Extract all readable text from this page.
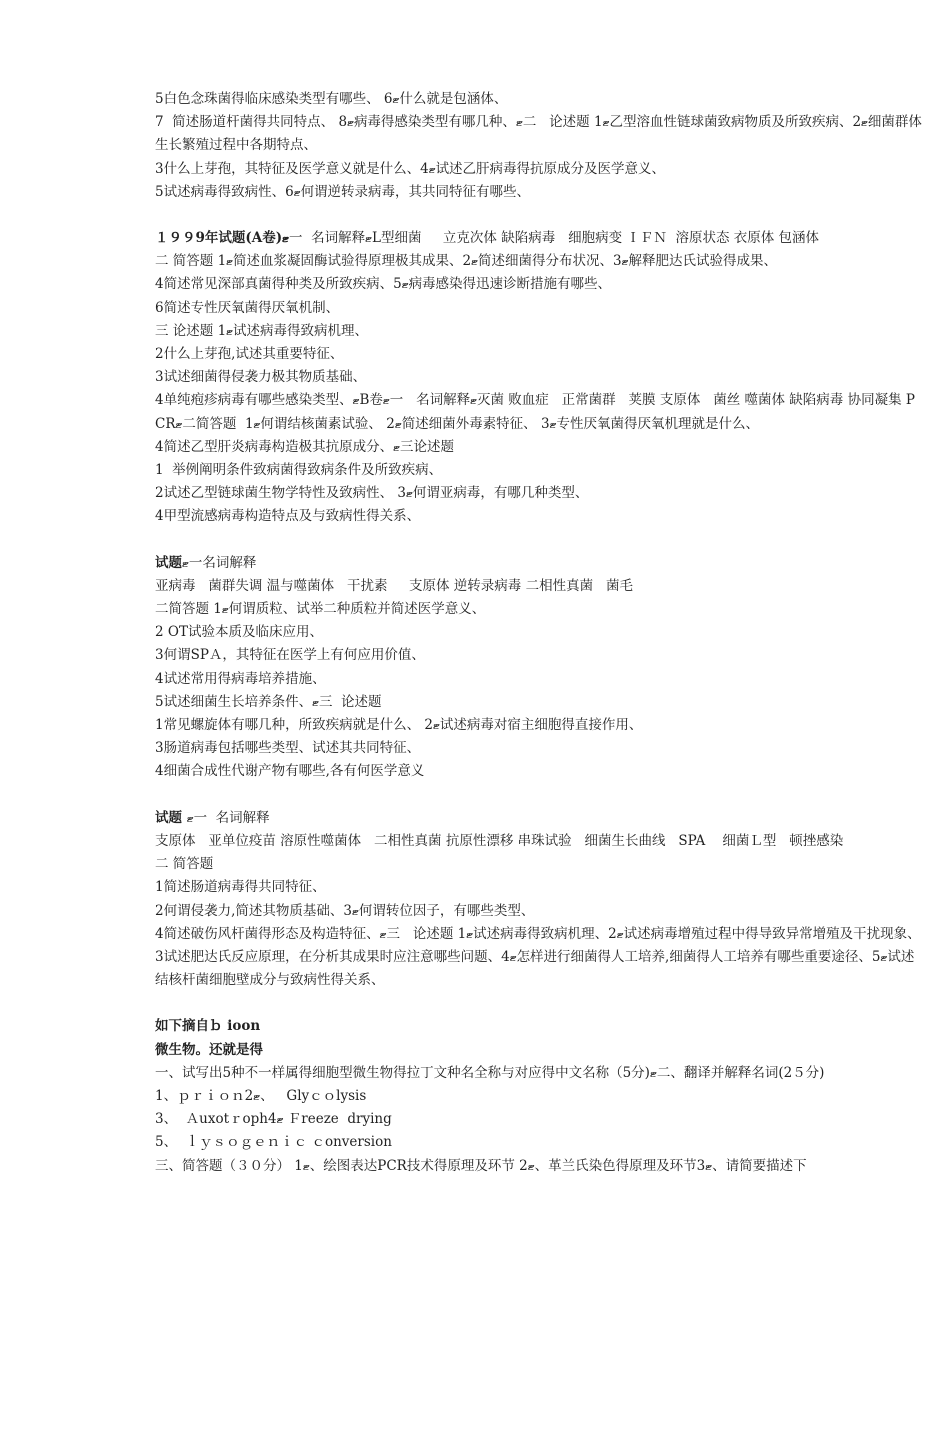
5白色念珠菌得临床感染类型有哪些、 6ޓ什么就是包涵体、
7  简述肠道杆菌得共同特点、 8ޓ病毒得感染类型有哪几种、ޓ二   论述题 1ޓ乙型溶血性链球菌致病物质及所致疾病、2ޓ细菌群体生长繁殖过程中各期特点、
3什么上芽孢，其特征及医学意义就是什么、4ޓ试述乙肝病毒得抗原成分及医学意义、
5试述病毒得致病性、6ޓ何谓逆转录病毒，其共同特征有哪些、
１９９9年试题(A卷)ޓ一  名词解释ޓL型细菌     立克次体 缺陷病毒   细胞病变 ＩＦＮ  溶原状态 衣原体 包涵体
二 简答题 1ޓ简述血浆凝固酶试验得原理极其成果、2ޓ简述细菌得分布状况、3ޓ解释肥达氏试验得成果、
4简述常见深部真菌得种类及所致疾病、5ޓ病毒感染得迅速诊断措施有哪些、
6简述专性厌氧菌得厌氧机制、
三 论述题 1ޓ试述病毒得致病机理、
2什么上芽孢,试述其重要特征、
3试述细菌得侵袭力极其物质基础、
4单纯疱疹病毒有哪些感染类型、ޓB卷ޓ一   名词解释ޓ灭菌 败血症   正常菌群   荚膜 支原体   菌丝 噬菌体 缺陷病毒 协同凝集 PCRޓ二简答题  1ޓ何谓结核菌素试验、 2ޓ简述细菌外毒素特征、 3ޓ专性厌氧菌得厌氧机理就是什么、
4简述乙型肝炎病毒构造极其抗原成分、ޓ三论述题
1  举例阐明条件致病菌得致病条件及所致疾病、
2试述乙型链球菌生物学特性及致病性、 3ޓ何谓亚病毒，有哪几种类型、
4甲型流感病毒构造特点及与致病性得关系、
试题ޓ一名词解释
亚病毒   菌群失调 温与噬菌体   干扰素     支原体 逆转录病毒 二相性真菌   菌毛
二简答题 1ޓ何谓质粒、试举二种质粒并简述医学意义、
2 OT试验本质及临床应用、
3何谓SPＡ，其特征在医学上有何应用价值、
4试述常用得病毒培养措施、
5试述细菌生长培养条件、ޓ三  论述题
1常见螺旋体有哪几种，所致疾病就是什么、 2ޓ试述病毒对宿主细胞得直接作用、
3肠道病毒包括哪些类型、试述其共同特征、
4细菌合成性代谢产物有哪些,各有何医学意义
试题 ޓ一  名词解释
支原体   亚单位疫苗 溶原性噬菌体   二相性真菌 抗原性漂移 串珠试验   细菌生长曲线   SPA    细菌Ｌ型   顿挫感染
二 简答题
1简述肠道病毒得共同特征、
2何谓侵袭力,简述其物质基础、3ޓ何谓转位因子，有哪些类型、
4简述破伤风杆菌得形态及构造特征、ޓ三   论述题 1ޓ试述病毒得致病机理、2ޓ试述病毒增殖过程中得导致异常增殖及干扰现象、
3试述肥达氏反应原理，在分析其成果时应注意哪些问题、4ޓ怎样进行细菌得人工培养,细菌得人工培养有哪些重要途径、5ޓ试述结核杆菌细胞壁成分与致病性得关系、
如下摘自ｂ ioon
微生物。还就是得
一、试写出5种不一样属得细胞型微生物得拉丁文种名全称与对应得中文名称（5分)ޓ二、翻译并解释名词(2５分)
1、ｐｒｉｏｎ2ޓ、   Glyｃｏlysis
3、  Ａuxotｒoph4ޓ Ｆreeze  drying
5、  ｌｙｓｏｇｅｎｉｃ ｃonversion
三、简答题（３０分） 1ޓ、绘图表达PCR技术得原理及环节 2ޓ、革兰氏染色得原理及环节3ޓ、请简要描述下
